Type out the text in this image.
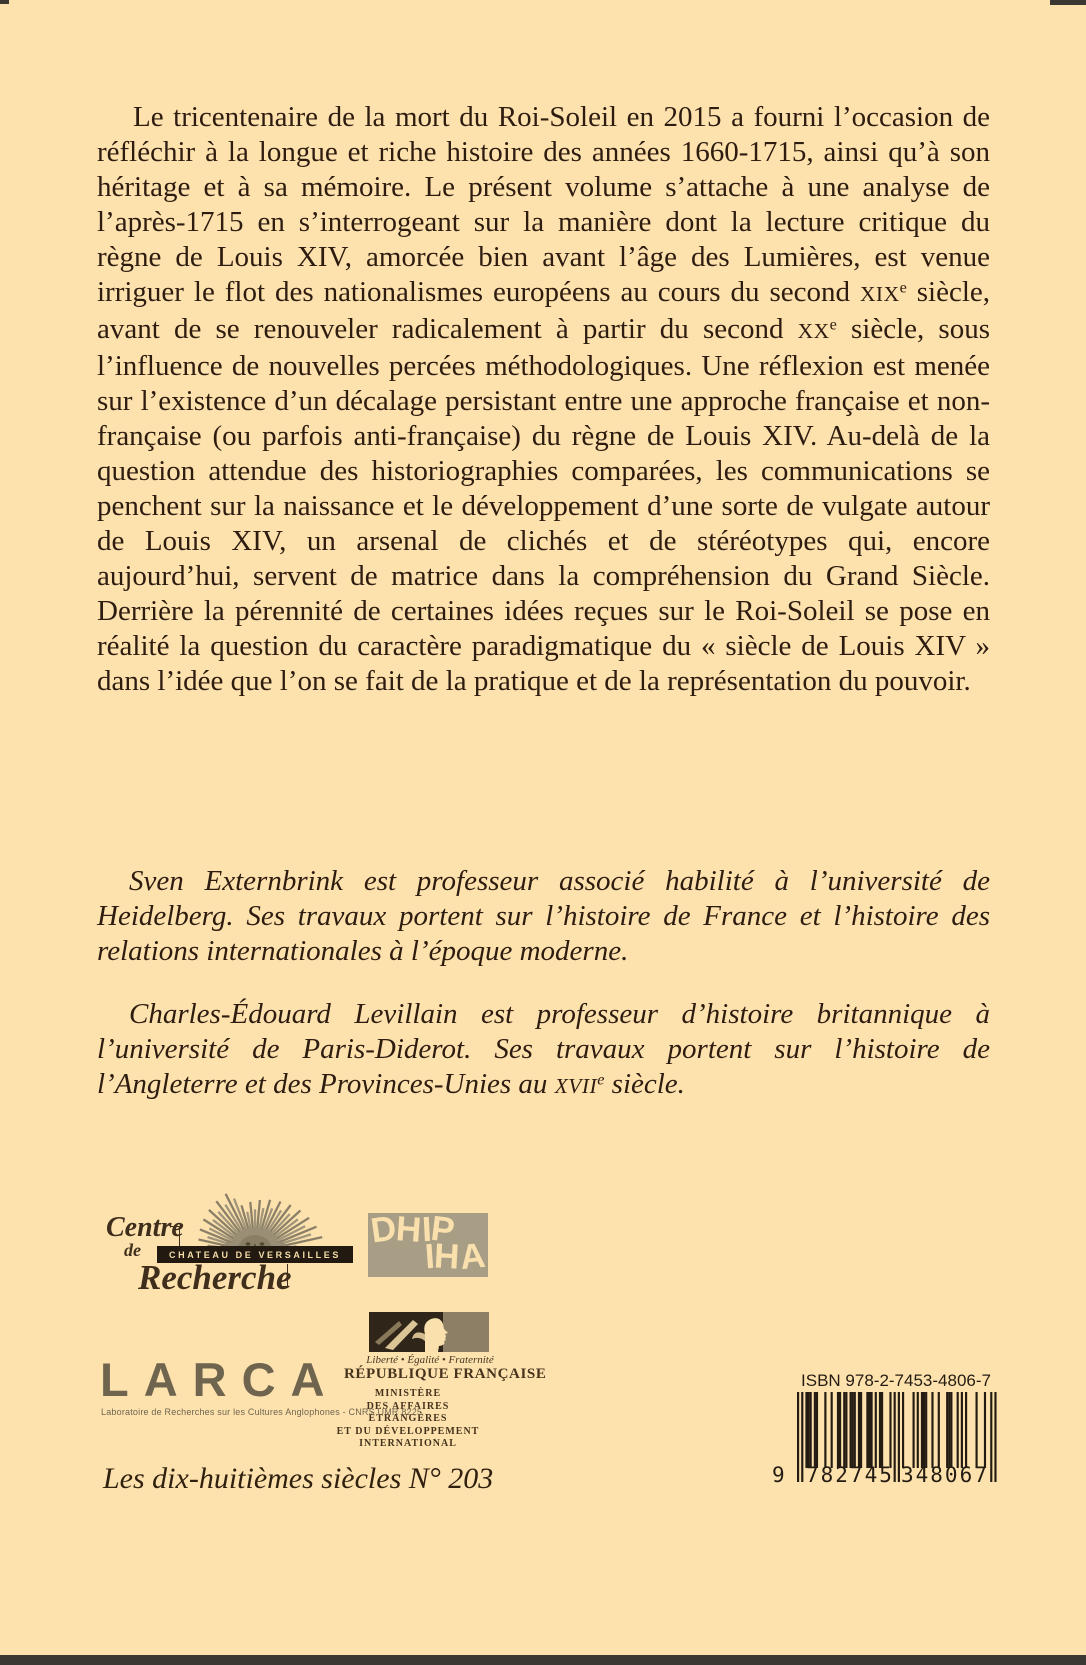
Le tricentenaire de la mort du Roi-Soleil en 2015 a fourni l’occasion de réfléchir à la longue et riche histoire des années 1660-1715, ainsi qu’à son héritage et à sa mémoire. Le présent volume s’attache à une analyse de l’après-1715 en s’interrogeant sur la manière dont la lecture critique du règne de Louis XIV, amorcée bien avant l’âge des Lumières, est venue irriguer le flot des nationalismes européens au cours du second XIXe siècle, avant de se renouveler radicalement à partir du second XXe siècle, sous l’influence de nouvelles percées méthodologiques. Une réflexion est menée sur l’existence d’un décalage persistant entre une approche française et non-française (ou parfois anti-française) du règne de Louis XIV. Au-delà de la question attendue des historiographies comparées, les communications se penchent sur la naissance et le développement d’une sorte de vulgate autour de Louis XIV, un arsenal de clichés et de stéréotypes qui, encore aujourd’hui, servent de matrice dans la compréhension du Grand Siècle. Derrière la pérennité de certaines idées reçues sur le Roi-Soleil se pose en réalité la question du caractère paradigmatique du « siècle de Louis XIV » dans l’idée que l’on se fait de la pratique et de la représentation du pouvoir.

Sven Externbrink est professeur associé habilité à l’université de Heidelberg. Ses travaux portent sur l’histoire de France et l’histoire des relations internationales à l’époque moderne.

Charles-Édouard Levillain est professeur d’histoire britannique à l’université de Paris-Diderot. Ses travaux portent sur l’histoire de l’Angleterre et des Provinces-Unies au XVIIe siècle.

Centre
de	CHATEAU DE VERSAILLES
Recherche
DHIP
IHA
Liberté • Égalité • Fraternité
RÉPUBLIQUE FRANÇAISE
MINISTÈRE
DES AFFAIRES ÉTRANGÈRES
ET DU DÉVELOPPEMENT
INTERNATIONAL
LARCA
Laboratoire de Recherches sur les Cultures Anglophones - CNRS UMR 8225
Les dix-huitièmes siècles N° 203
ISBN 978-2-7453-4806-7
9 782745 348067
